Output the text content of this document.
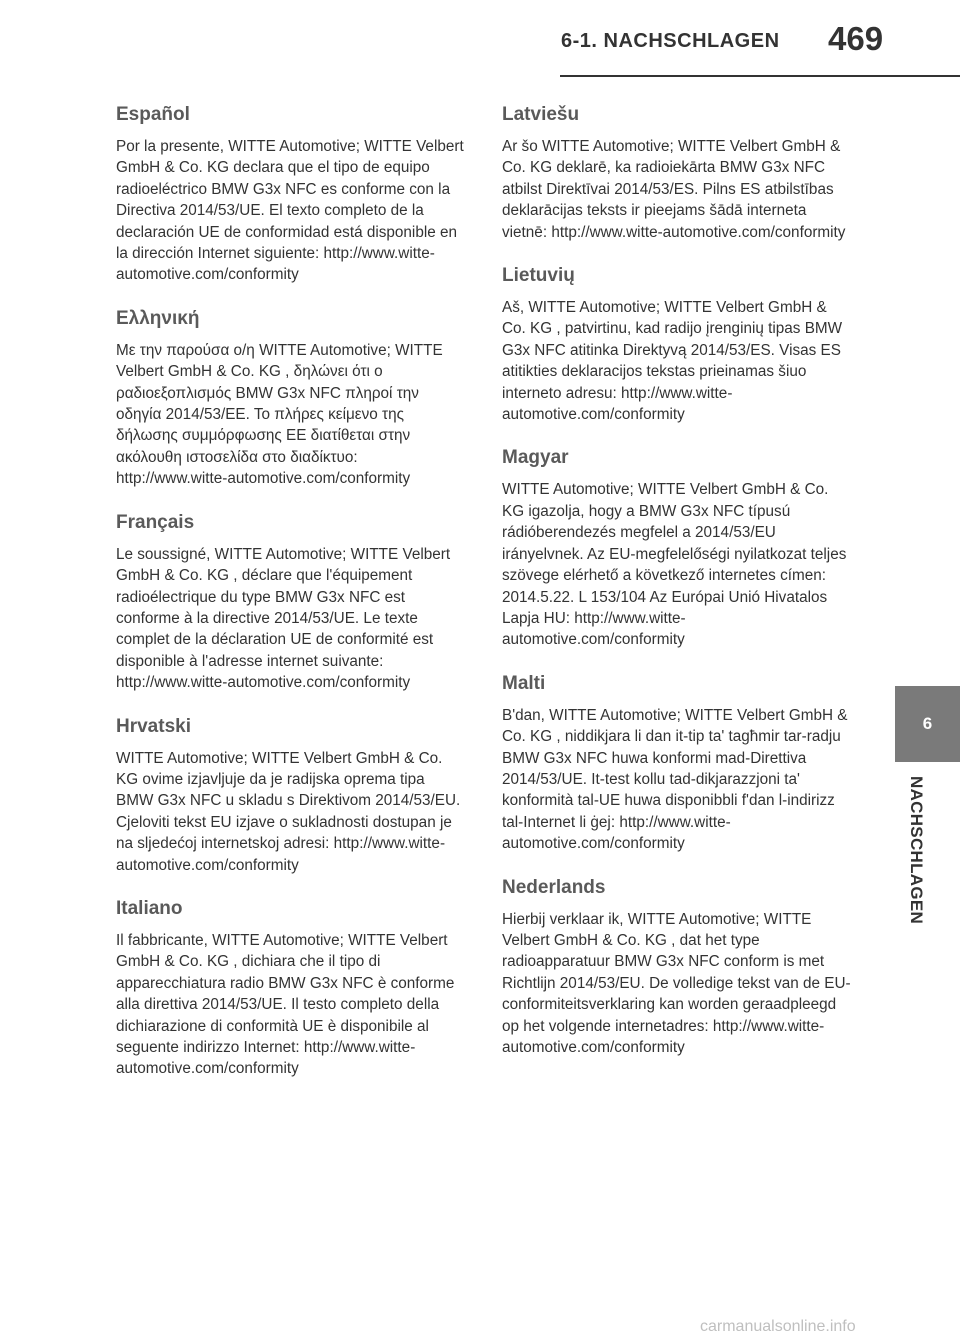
6-1. NACHSCHLAGEN 469
6
NACHSCHLAGEN
Español

Por la presente, WITTE Automotive; WITTE Velbert GmbH & Co. KG declara que el tipo de equipo radioeléctrico BMW G3x NFC es conforme con la Directiva 2014/53/UE. El texto completo de la declaración UE de conformidad está disponible en la dirección Internet siguiente: http://www.witte-automotive.com/conformity

Ελληνική

Με την παρούσα ο/η WITTE Automotive; WITTE Velbert GmbH & Co. KG , δηλώνει ότι ο ραδιοεξοπλισμός BMW G3x NFC πληροί την οδηγία 2014/53/ΕΕ. Το πλήρες κείμενο της δήλωσης συμμόρφωσης ΕΕ διατίθεται στην ακόλουθη ιστοσελίδα στο διαδίκτυο: http://www.witte-automotive.com/conformity

Français

Le soussigné, WITTE Automotive; WITTE Velbert GmbH & Co. KG , déclare que l'équipement radioélectrique du type BMW G3x NFC est conforme à la directive 2014/53/UE. Le texte complet de la déclaration UE de conformité est disponible à l'adresse internet suivante: http://www.witte-automotive.com/conformity

Hrvatski

WITTE Automotive; WITTE Velbert GmbH & Co. KG ovime izjavljuje da je radijska oprema tipa BMW G3x NFC u skladu s Direktivom 2014/53/EU. Cjeloviti tekst EU izjave o sukladnosti dostupan je na sljedećoj internetskoj adresi: http://www.witte-automotive.com/conformity

Italiano

Il fabbricante, WITTE Automotive; WITTE Velbert GmbH & Co. KG , dichiara che il tipo di apparecchiatura radio BMW G3x NFC è conforme alla direttiva 2014/53/UE. Il testo completo della dichiarazione di conformità UE è disponibile al seguente indirizzo Internet: http://www.witte-automotive.com/conformity

Latviešu

Ar šo WITTE Automotive; WITTE Velbert GmbH & Co. KG deklarē, ka radioiekārta BMW G3x NFC atbilst Direktīvai 2014/53/ES. Pilns ES atbilstības deklarācijas teksts ir pieejams šādā interneta vietnē: http://www.witte-automotive.com/conformity

Lietuvių

Aš, WITTE Automotive; WITTE Velbert GmbH & Co. KG , patvirtinu, kad radijo įrenginių tipas BMW G3x NFC atitinka Direktyvą 2014/53/ES. Visas ES atitikties deklaracijos tekstas prieinamas šiuo interneto adresu: http://www.witte-automotive.com/conformity

Magyar

WITTE Automotive; WITTE Velbert GmbH & Co. KG igazolja, hogy a BMW G3x NFC típusú rádióberendezés megfelel a 2014/53/EU irányelvnek. Az EU-megfelelőségi nyilatkozat teljes szövege elérhető a következő internetes címen: 2014.5.22. L 153/104 Az Európai Unió Hivatalos Lapja HU: http://www.witte-automotive.com/conformity

Malti

B'dan, WITTE Automotive; WITTE Velbert GmbH & Co. KG , niddikjara li dan it-tip ta' tagħmir tar-radju BMW G3x NFC huwa konformi mad-Direttiva 2014/53/UE. It-test kollu tad-dikjarazzjoni ta' konformità tal-UE huwa disponibbli f'dan l-indirizz tal-Internet li ġej: http://www.witte-automotive.com/conformity

Nederlands

Hierbij verklaar ik, WITTE Automotive; WITTE Velbert GmbH & Co. KG , dat het type radioapparatuur BMW G3x NFC conform is met Richtlijn 2014/53/EU. De volledige tekst van de EU-conformiteitsverklaring kan worden geraadpleegd op het volgende internetadres: http://www.witte-automotive.com/conformity

carmanualsonline.info
